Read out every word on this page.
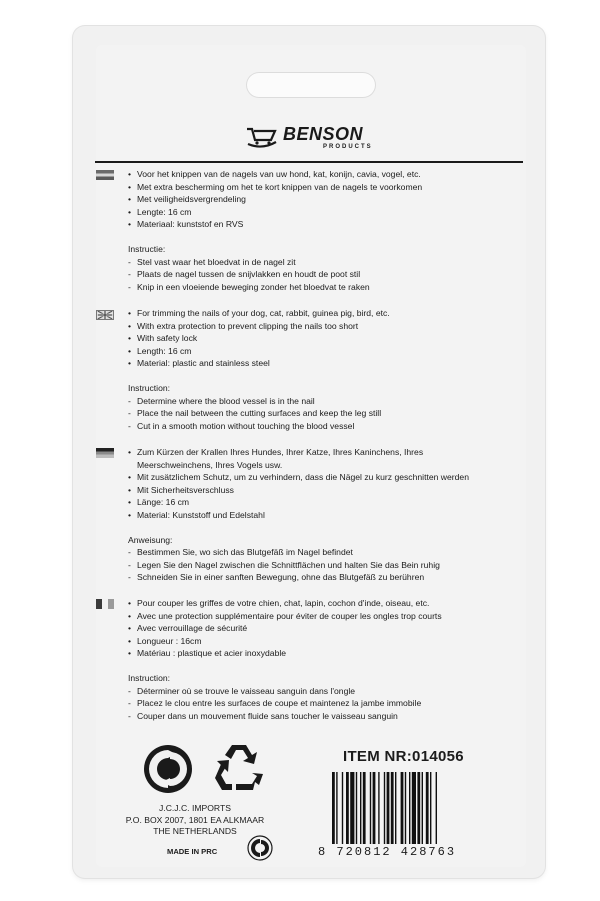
BENSON
PRODUCTS
• Voor het knippen van de nagels van uw hond, kat, konijn, cavia, vogel, etc.
• Met extra bescherming om het te kort knippen van de nagels te voorkomen
• Met veiligheidsvergrendeling
• Lengte: 16 cm
• Materiaal: kunststof en RVS
Instructie:
- Stel vast waar het bloedvat in de nagel zit
- Plaats de nagel tussen de snijvlakken en houdt de poot stil
- Knip in een vloeiende beweging zonder het bloedvat te raken
• For trimming the nails of your dog, cat, rabbit, guinea pig, bird, etc.
• With extra protection to prevent clipping the nails too short
• With safety lock
• Length: 16 cm
• Material: plastic and stainless steel
Instruction:
- Determine where the blood vessel is in the nail
- Place the nail between the cutting surfaces and keep the leg still
- Cut in a smooth motion without touching the blood vessel
• Zum Kürzen der Krallen Ihres Hundes, Ihrer Katze, Ihres Kaninchens, Ihres Meerschweinchens, Ihres Vogels usw.
• Mit zusätzlichem Schutz, um zu verhindern, dass die Nägel zu kurz geschnitten werden
• Mit Sicherheitsverschluss
• Länge: 16 cm
• Material: Kunststoff und Edelstahl
Anweisung:
- Bestimmen Sie, wo sich das Blutgefäß im Nagel befindet
- Legen Sie den Nagel zwischen die Schnittflächen und halten Sie das Bein ruhig
- Schneiden Sie in einer sanften Bewegung, ohne das Blutgefäß zu berühren
• Pour couper les griffes de votre chien, chat, lapin, cochon d'inde, oiseau, etc.
• Avec une protection supplémentaire pour éviter de couper les ongles trop courts
• Avec verrouillage de sécurité
• Longueur : 16cm
• Matériau : plastique et acier inoxydable
Instruction:
- Déterminer où se trouve le vaisseau sanguin dans l'ongle
- Placez le clou entre les surfaces de coupe et maintenez la jambe immobile
- Couper dans un mouvement fluide sans toucher le vaisseau sanguin
J.C.J.C. IMPORTS
P.O. BOX 2007, 1801 EA ALKMAAR
THE NETHERLANDS
MADE IN PRC
ITEM NR:014056
8 720812 428763
